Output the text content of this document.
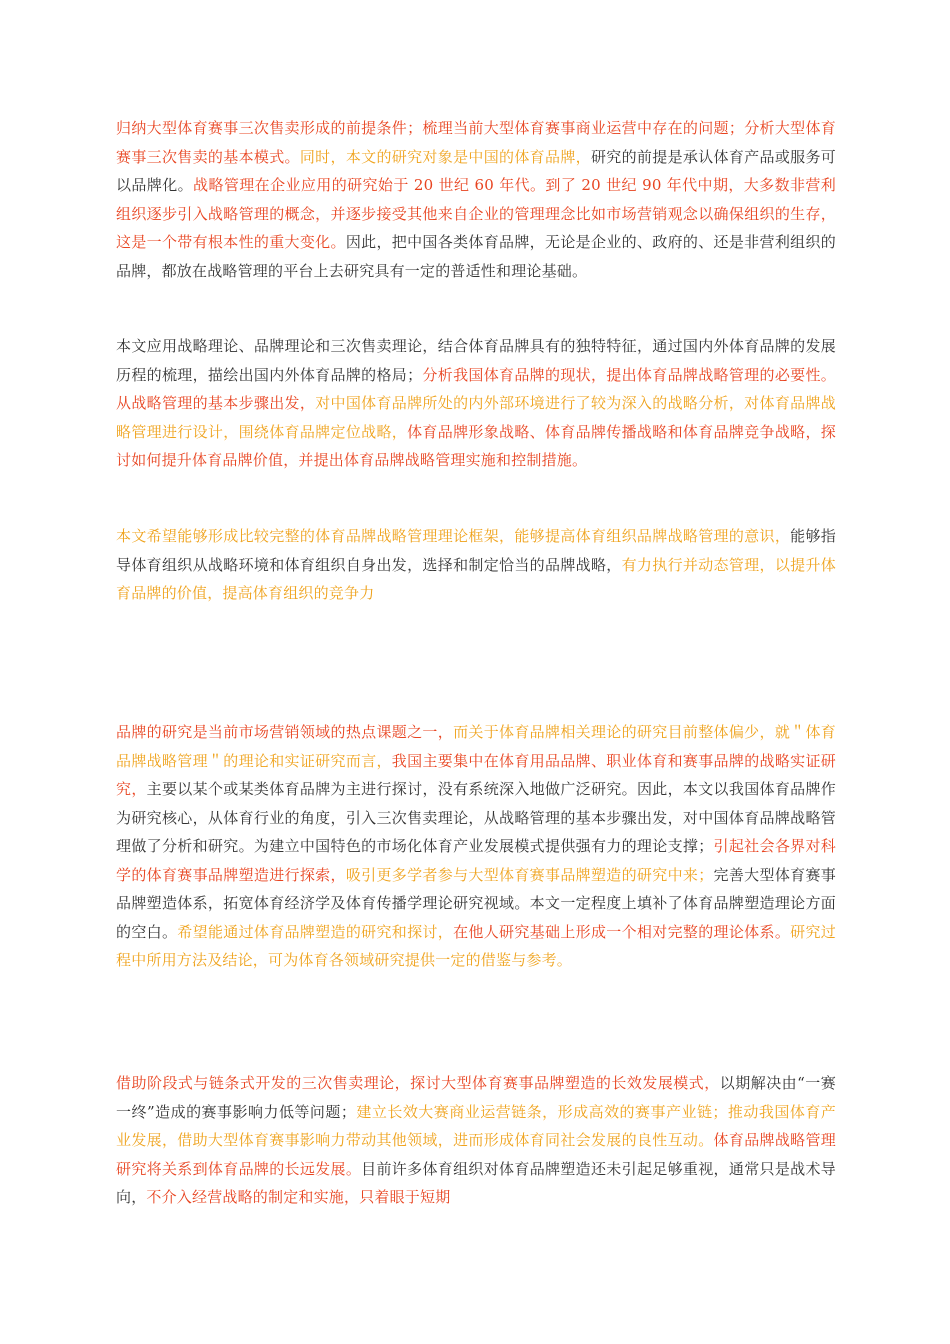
归纳大型体育赛事三次售卖形成的前提条件；梳理当前大型体育赛事商业运营中存在的问题；分析大型体育赛事三次售卖的基本模式。同时，本文的研究对象是中国的体育品牌，研究的前提是承认体育产品或服务可以品牌化。战略管理在企业应用的研究始于 20 世纪 60 年代。到了 20 世纪 90 年代中期，大多数非营利组织逐步引入战略管理的概念，并逐步接受其他来自企业的管理理念比如市场营销观念以确保组织的生存，这是一个带有根本性的重大变化。因此，把中国各类体育品牌，无论是企业的、政府的、还是非营利组织的品牌，都放在战略管理的平台上去研究具有一定的普适性和理论基础。
本文应用战略理论、品牌理论和三次售卖理论，结合体育品牌具有的独特特征，通过国内外体育品牌的发展历程的梳理，描绘出国内外体育品牌的格局；分析我国体育品牌的现状，提出体育品牌战略管理的必要性。从战略管理的基本步骤出发，对中国体育品牌所处的内外部环境进行了较为深入的战略分析，对体育品牌战略管理进行设计，围绕体育品牌定位战略，体育品牌形象战略、体育品牌传播战略和体育品牌竞争战略，探讨如何提升体育品牌价值，并提出体育品牌战略管理实施和控制措施。
本文希望能够形成比较完整的体育品牌战略管理理论框架，能够提高体育组织品牌战略管理的意识，能够指导体育组织从战略环境和体育组织自身出发，选择和制定恰当的品牌战略，有力执行并动态管理，以提升体育品牌的价值，提高体育组织的竞争力
品牌的研究是当前市场营销领域的热点课题之一，而关于体育品牌相关理论的研究目前整体偏少，就＂体育品牌战略管理＂的理论和实证研究而言，我国主要集中在体育用品品牌、职业体育和赛事品牌的战略实证研究，主要以某个或某类体育品牌为主进行探讨，没有系统深入地做广泛研究。因此，本文以我国体育品牌作为研究核心，从体育行业的角度，引入三次售卖理论，从战略管理的基本步骤出发，对中国体育品牌战略管理做了分析和研究。为建立中国特色的市场化体育产业发展模式提供强有力的理论支撑；引起社会各界对科学的体育赛事品牌塑造进行探索，吸引更多学者参与大型体育赛事品牌塑造的研究中来；完善大型体育赛事品牌塑造体系，拓宽体育经济学及体育传播学理论研究视域。本文一定程度上填补了体育品牌塑造理论方面的空白。希望能通过体育品牌塑造的研究和探讨，在他人研究基础上形成一个相对完整的理论体系。研究过程中所用方法及结论，可为体育各领域研究提供一定的借鉴与参考。
借助阶段式与链条式开发的三次售卖理论，探讨大型体育赛事品牌塑造的长效发展模式，以期解决由“一赛一终”造成的赛事影响力低等问题；建立长效大赛商业运营链条，形成高效的赛事产业链；推动我国体育产业发展，借助大型体育赛事影响力带动其他领域，进而形成体育同社会发展的良性互动。体育品牌战略管理研究将关系到体育品牌的长远发展。目前许多体育组织对体育品牌塑造还未引起足够重视，通常只是战术导向，不介入经营战略的制定和实施，只着眼于短期
